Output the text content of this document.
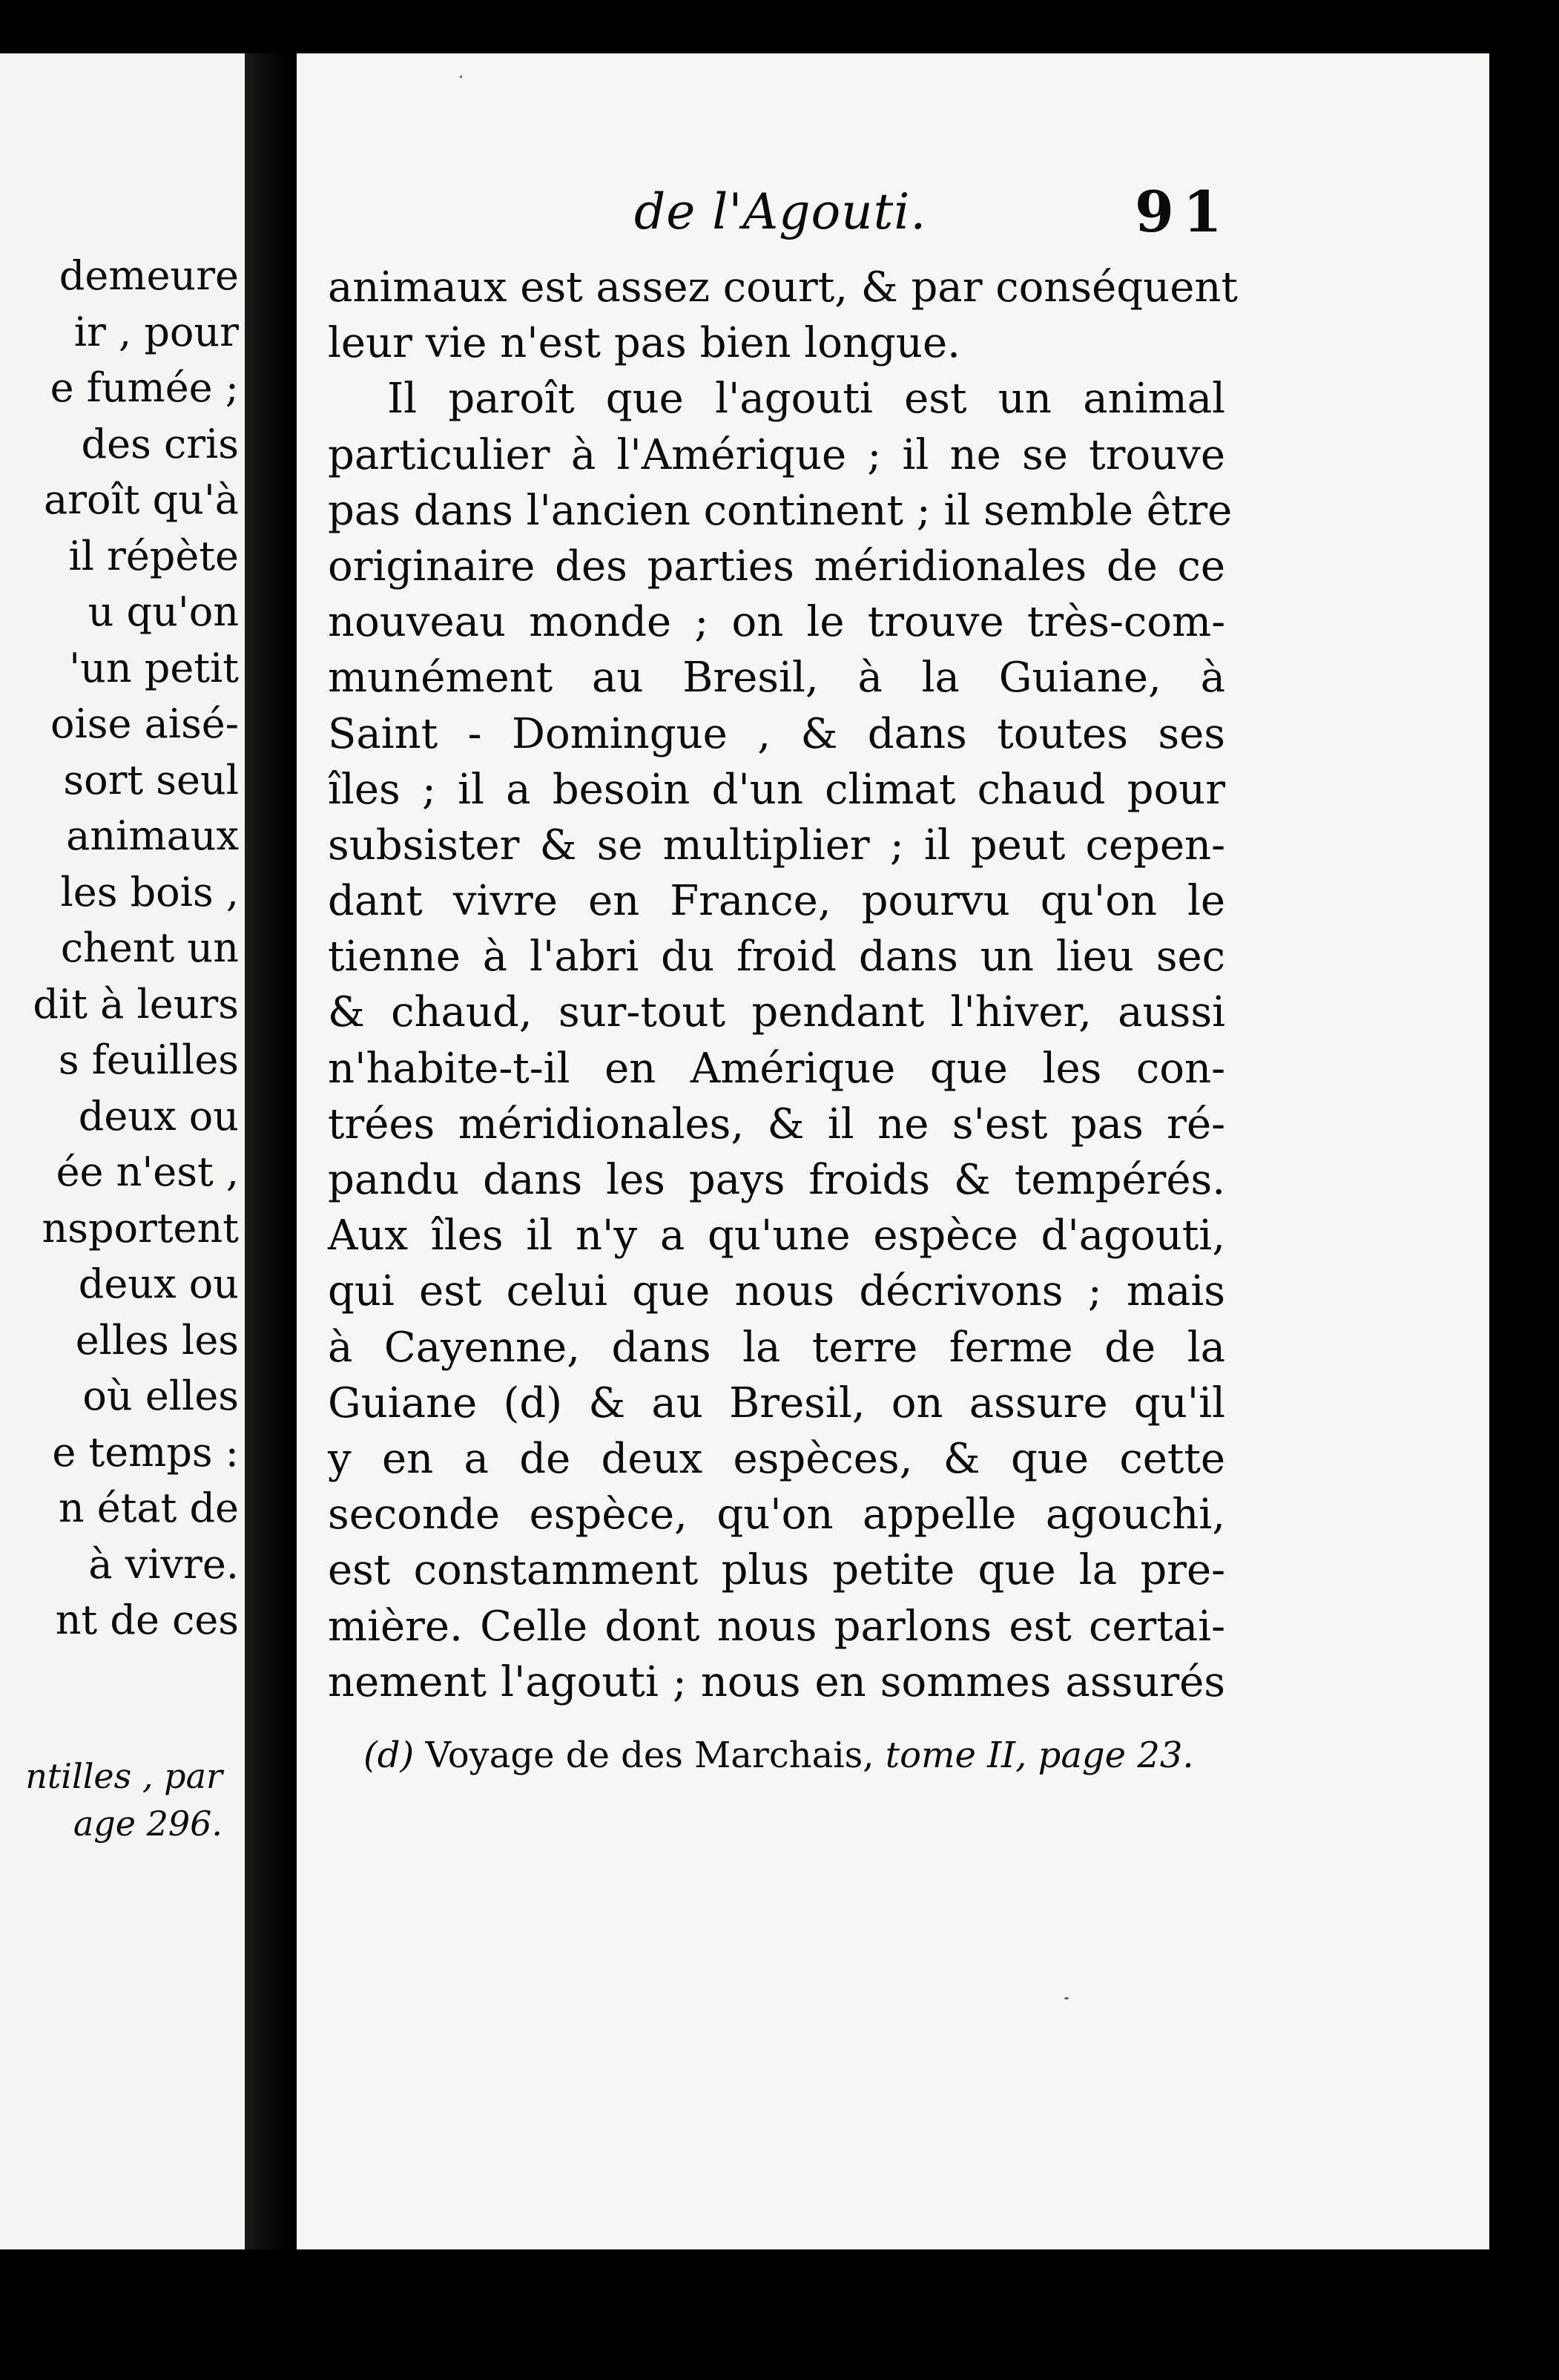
demeure
ir , pour
e fumée ;
des cris
aroît qu'à
il répète
u qu'on
'un petit
oise aisé-
sort seul
animaux
les bois ,
chent un
dit à leurs
s feuilles
deux ou
ée n'est ,
nsportent
deux ou
elles les
où elles
e temps :
n état de
à vivre.
nt de ces
ntilles , par
age 296.
de l'Agouti.	91
animaux est assez court, & par conséquent
leur vie n'est pas bien longue.
Il paroît que l'agouti est un animal
particulier à l'Amérique ; il ne se trouve
pas dans l'ancien continent ; il semble être
originaire des parties méridionales de ce
nouveau monde ; on le trouve très-com-
munément au Bresil, à la Guiane, à
Saint - Domingue , & dans toutes ses
îles ; il a besoin d'un climat chaud pour
subsister & se multiplier ; il peut cepen-
dant vivre en France, pourvu qu'on le
tienne à l'abri du froid dans un lieu sec
& chaud, sur-tout pendant l'hiver, aussi
n'habite-t-il en Amérique que les con-
trées méridionales, & il ne s'est pas ré-
pandu dans les pays froids & tempérés.
Aux îles il n'y a qu'une espèce d'agouti,
qui est celui que nous décrivons ; mais
à Cayenne, dans la terre ferme de la
Guiane (d) & au Bresil, on assure qu'il
y en a de deux espèces, & que cette
seconde espèce, qu'on appelle agouchi,
est constamment plus petite que la pre-
mière. Celle dont nous parlons est certai-
nement l'agouti ; nous en sommes assurés
(d) Voyage de des Marchais, tome II, page 23.
